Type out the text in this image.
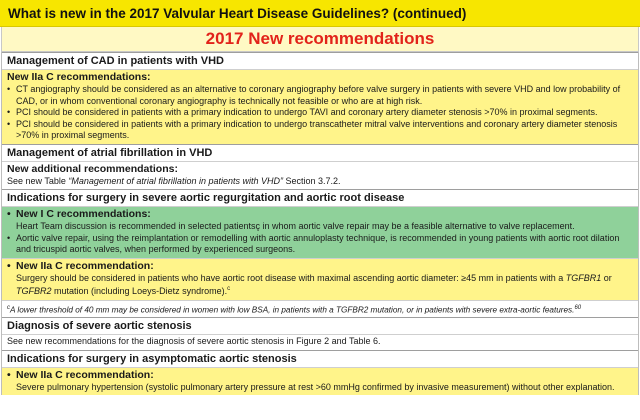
What is new in the 2017 Valvular Heart Disease Guidelines? (continued)
2017 New recommendations
Management of CAD in patients with VHD
New IIa C recommendations:
• CT angiography should be considered as an alternative to coronary angiography before valve surgery in patients with severe VHD and low probability of CAD, or in whom conventional coronary angiography is technically not feasible or who are at high risk.
• PCI should be considered in patients with a primary indication to undergo TAVI and coronary artery diameter stenosis >70% in proximal segments.
• PCI should be considered in patients with a primary indication to undergo transcatheter mitral valve interventions and coronary artery diameter stenosis >70% in proximal segments.
Management of atrial fibrillation in VHD
New additional recommendations:
See new Table “Management of atrial fibrillation in patients with VHD” Section 3.7.2.
Indications for surgery in severe aortic regurgitation and aortic root disease
• New I C recommendations:
Heart Team discussion is recommended in selected patientsç in whom aortic valve repair may be a feasible alternative to valve replacement.
• Aortic valve repair, using the reimplantation or remodelling with aortic annuloplasty technique, is recommended in young patients with aortic root dilation and tricuspid aortic valves, when performed by experienced surgeons.
• New IIa C recommendation:
Surgery should be considered in patients who have aortic root disease with maximal ascending aortic diameter: ≥45 mm in patients with a TGFBR1 or TGFBR2 mutation (including Loeys-Dietz syndrome).$^c$
$^c$A lower threshold of 40 mm may be considered in women with low BSA, in patients with a TGFBR2 mutation, or in patients with severe extra-aortic features.$^{60}$
Diagnosis of severe aortic stenosis
See new recommendations for the diagnosis of severe aortic stenosis in Figure 2 and Table 6.
Indications for surgery in asymptomatic aortic stenosis
• New IIa C recommendation:
Severe pulmonary hypertension (systolic pulmonary artery pressure at rest >60 mmHg confirmed by invasive measurement) without other explanation.
